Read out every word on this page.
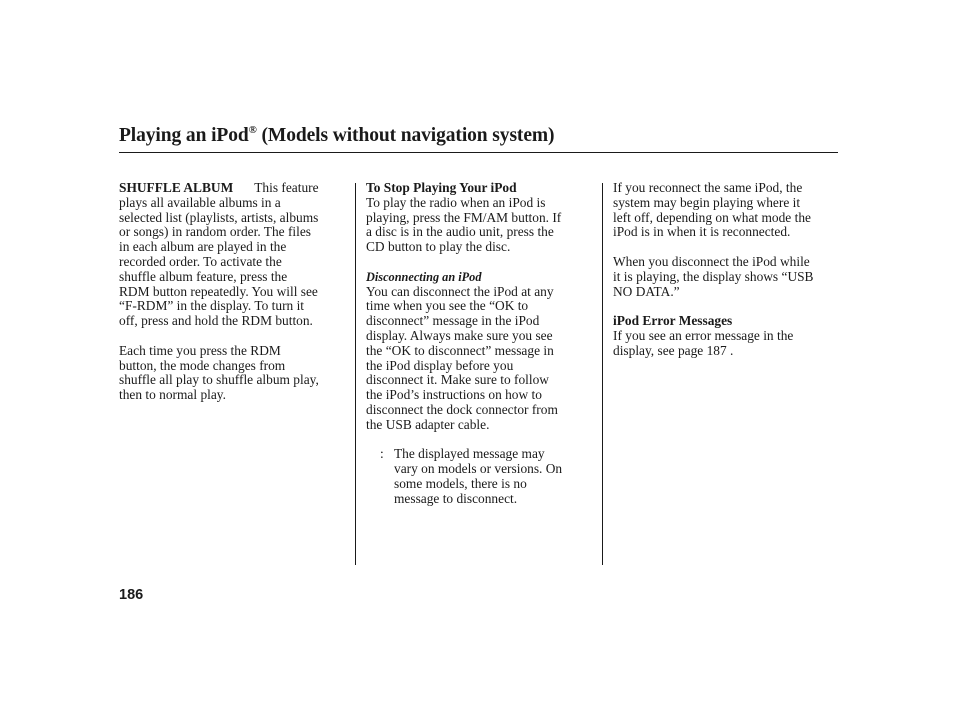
Playing an iPod® (Models without navigation system)

SHUFFLE ALBUM This feature
plays all available albums in a
selected list (playlists, artists, albums
or songs) in random order. The files
in each album are played in the
recorded order. To activate the
shuffle album feature, press the
RDM button repeatedly. You will see
“F-RDM” in the display. To turn it
off, press and hold the RDM button.

Each time you press the RDM
button, the mode changes from
shuffle all play to shuffle album play,
then to normal play.

To Stop Playing Your iPod

To play the radio when an iPod is
playing, press the FM/AM button. If
a disc is in the audio unit, press the
CD button to play the disc.

Disconnecting an iPod

You can disconnect the iPod at any
time when you see the “OK to
disconnect” message in the iPod
display. Always make sure you see
the “OK to disconnect” message in
the iPod display before you
disconnect it. Make sure to follow
the iPod’s instructions on how to
disconnect the dock connector from
the USB adapter cable.

: The displayed message may
vary on models or versions. On
some models, there is no
message to disconnect.

If you reconnect the same iPod, the
system may begin playing where it
left off, depending on what mode the
iPod is in when it is reconnected.

When you disconnect the iPod while
it is playing, the display shows “USB
NO DATA.”

iPod Error Messages

If you see an error message in the
display, see page 187 .

186
